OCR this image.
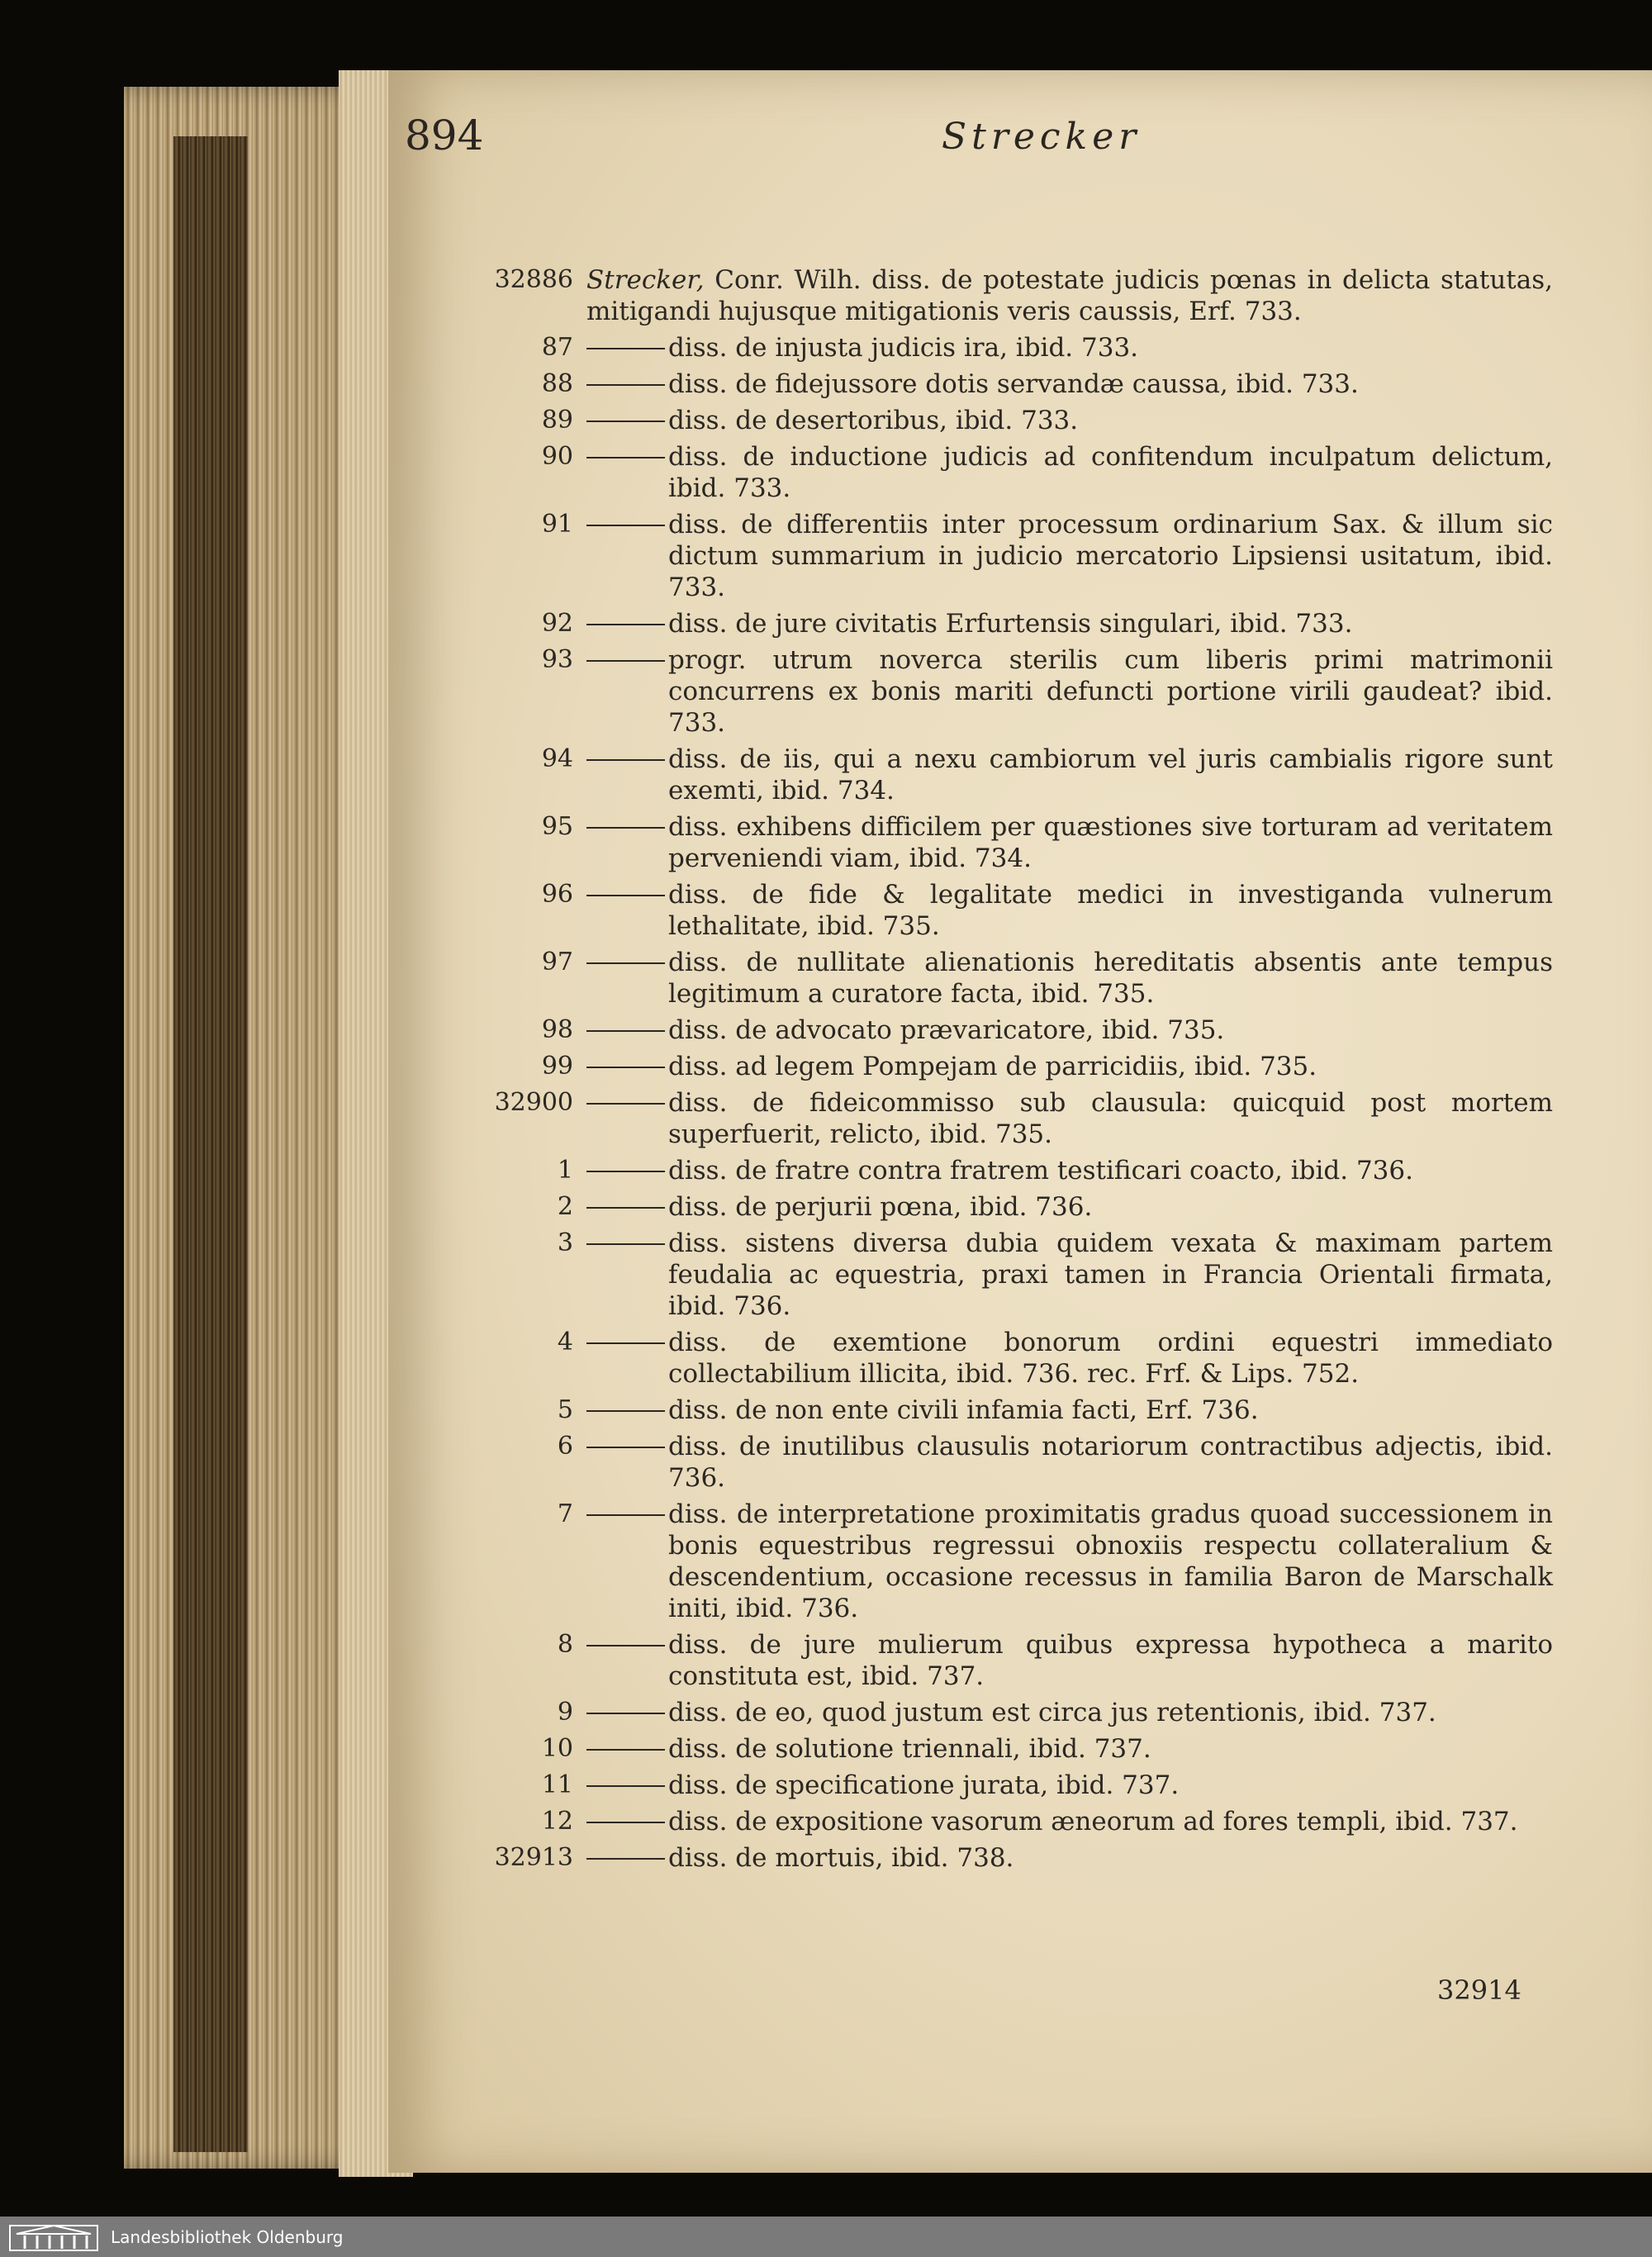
894	Strecker
32886 Strecker, Conr. Wilh. diss. de potestate judicis pœnas in delicta statutas, mitigandi hujusque mitigationis veris caussis, Erf. 733.
87	diss. de injusta judicis ira, ibid. 733.
88	diss. de fidejussore dotis servandæ caussa, ibid. 733.
89	diss. de desertoribus, ibid. 733.
90	diss. de inductione judicis ad confitendum inculpatum delictum, ibid. 733.
91	diss. de differentiis inter processum ordinarium Sax. & illum sic dictum summarium in judicio mercatorio Lipsiensi usitatum, ibid. 733.
92	diss. de jure civitatis Erfurtensis singulari, ibid. 733.
93	progr. utrum noverca sterilis cum liberis primi matrimonii concurrens ex bonis mariti defuncti portione virili gaudeat? ibid. 733.
94	diss. de iis, qui a nexu cambiorum vel juris cambialis rigore sunt exemti, ibid. 734.
95	diss. exhibens difficilem per quæstiones sive torturam ad veritatem perveniendi viam, ibid. 734.
96	diss. de fide & legalitate medici in investiganda vulnerum lethalitate, ibid. 735.
97	diss. de nullitate alienationis hereditatis absentis ante tempus legitimum a curatore facta, ibid. 735.
98	diss. de advocato prævaricatore, ibid. 735.
99	diss. ad legem Pompejam de parricidiis, ibid. 735.
32900	diss. de fideicommisso sub clausula: quicquid post mortem superfuerit, relicto, ibid. 735.
1	diss. de fratre contra fratrem testificari coacto, ibid. 736.
2	diss. de perjurii pœna, ibid. 736.
3	diss. sistens diversa dubia quidem vexata & maximam partem feudalia ac equestria, praxi tamen in Francia Orientali firmata, ibid. 736.
4	diss. de exemtione bonorum ordini equestri immediato collectabilium illicita, ibid. 736. rec. Frf. & Lips. 752.
5	diss. de non ente civili infamia facti, Erf. 736.
6	diss. de inutilibus clausulis notariorum contractibus adjectis, ibid. 736.
7	diss. de interpretatione proximitatis gradus quoad successionem in bonis equestribus regressui obnoxiis respectu collateralium & descendentium, occasione recessus in familia Baron de Marschalk initi, ibid. 736.
8	diss. de jure mulierum quibus expressa hypotheca a marito constituta est, ibid. 737.
9	diss. de eo, quod justum est circa jus retentionis, ibid. 737.
10	diss. de solutione triennali, ibid. 737.
11	diss. de specificatione jurata, ibid. 737.
12	diss. de expositione vasorum æneorum ad fores templi, ibid. 737.
32913	diss. de mortuis, ibid. 738.
32914
Landesbibliothek Oldenburg
